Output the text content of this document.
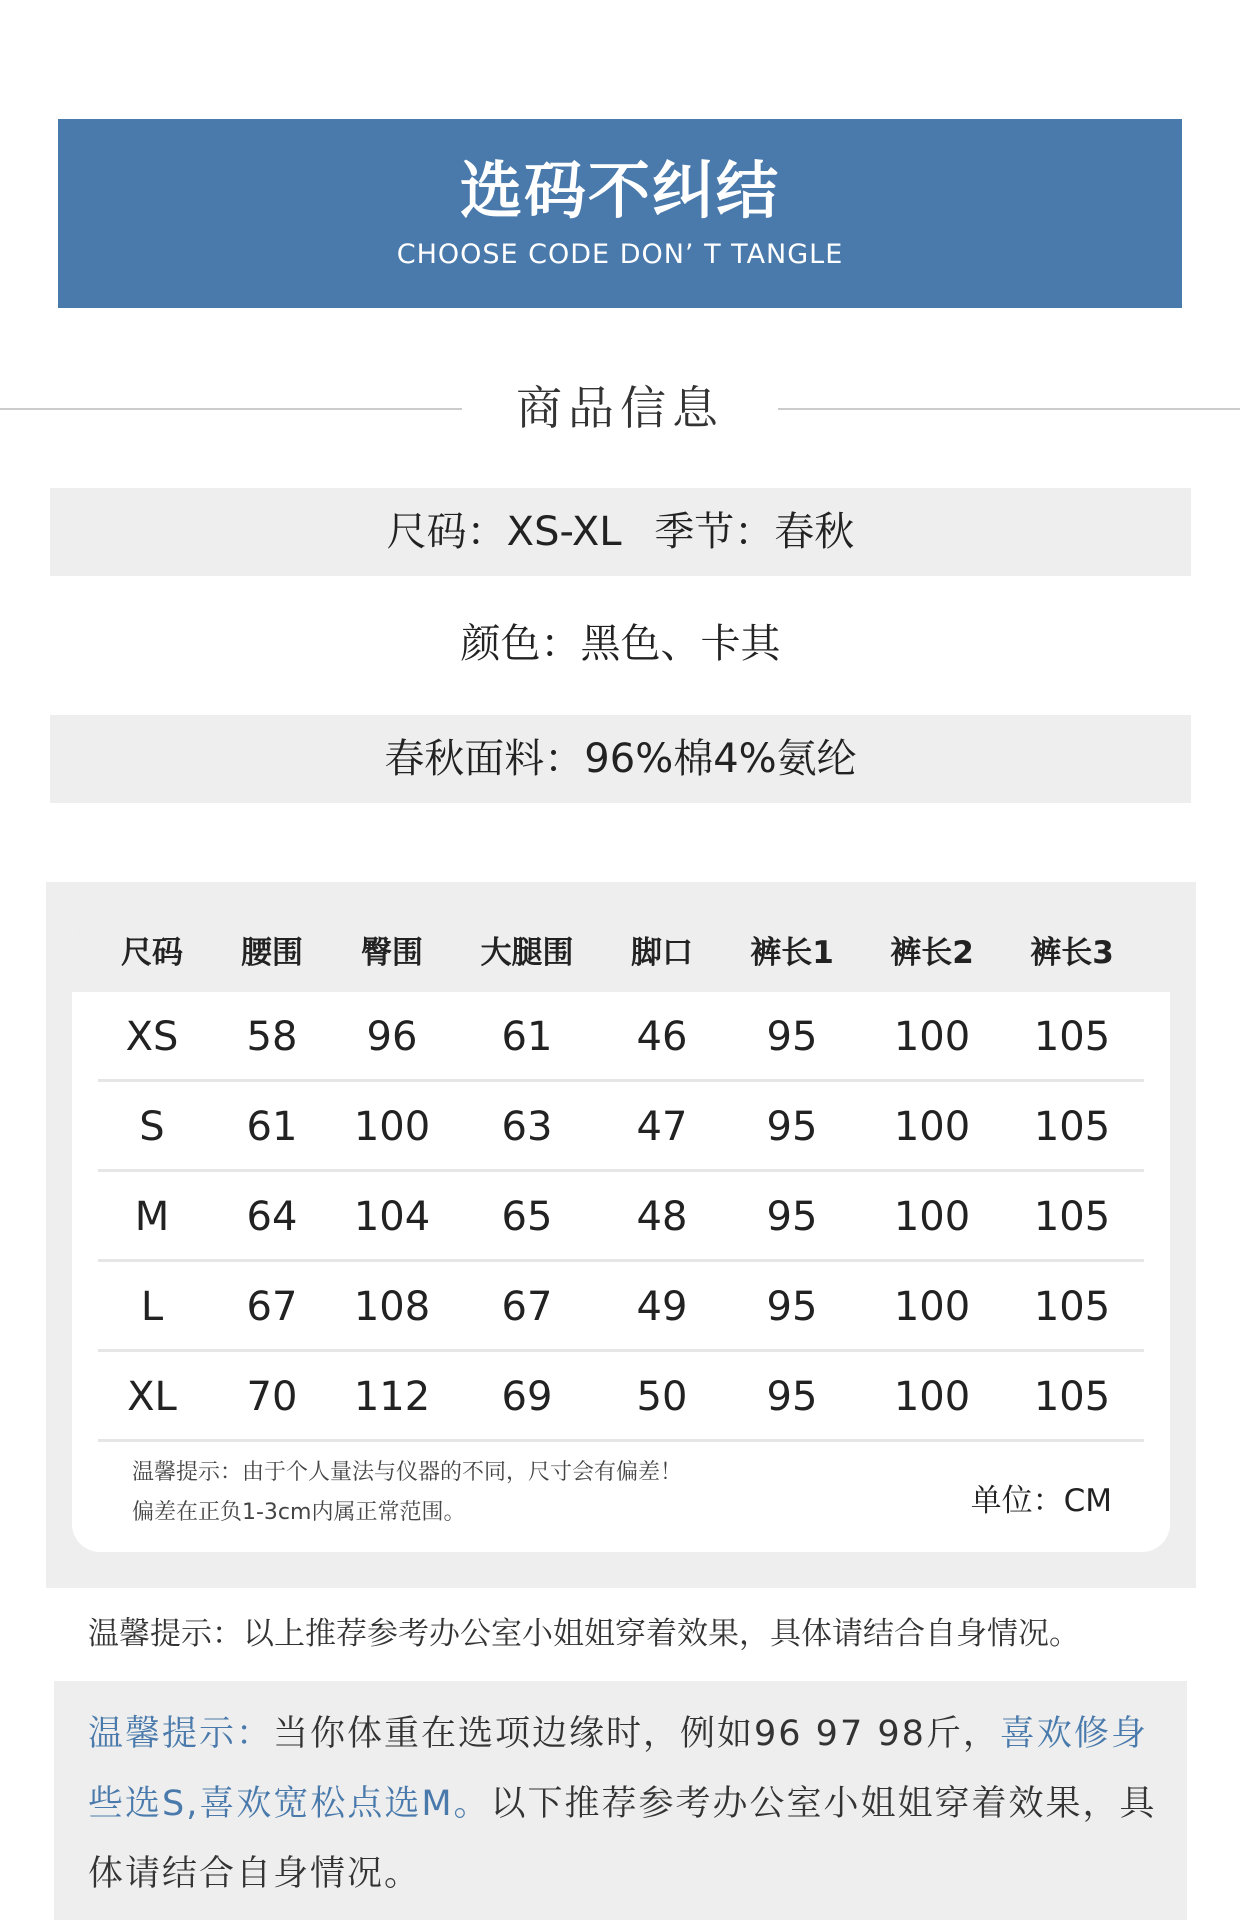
选码不纠结
CHOOSE CODE DON’ T TANGLE
商品信息
尺码：XS-XL 季节：春秋
颜色：黑色、卡其
春秋面料：96%棉4%氨纶
尺码	腰围	臀围	大腿围	脚口	裤长1	裤长2	裤长3
XS	58	96	61	46	95	100	105
S	61	100	63	47	95	100	105
M	64	104	65	48	95	100	105
L	67	108	67	49	95	100	105
XL	70	112	69	50	95	100	105
温馨提示：由于个人量法与仪器的不同，尺寸会有偏差！
偏差在正负1-3cm内属正常范围。	单位：CM
温馨提示：以上推荐参考办公室小姐姐穿着效果，具体请结合自身情况。
温馨提示：当你体重在选项边缘时，例如96 97 98斤，喜欢修身些选S,喜欢宽松点选M。以下推荐参考办公室小姐姐穿着效果，具体请结合自身情况。
